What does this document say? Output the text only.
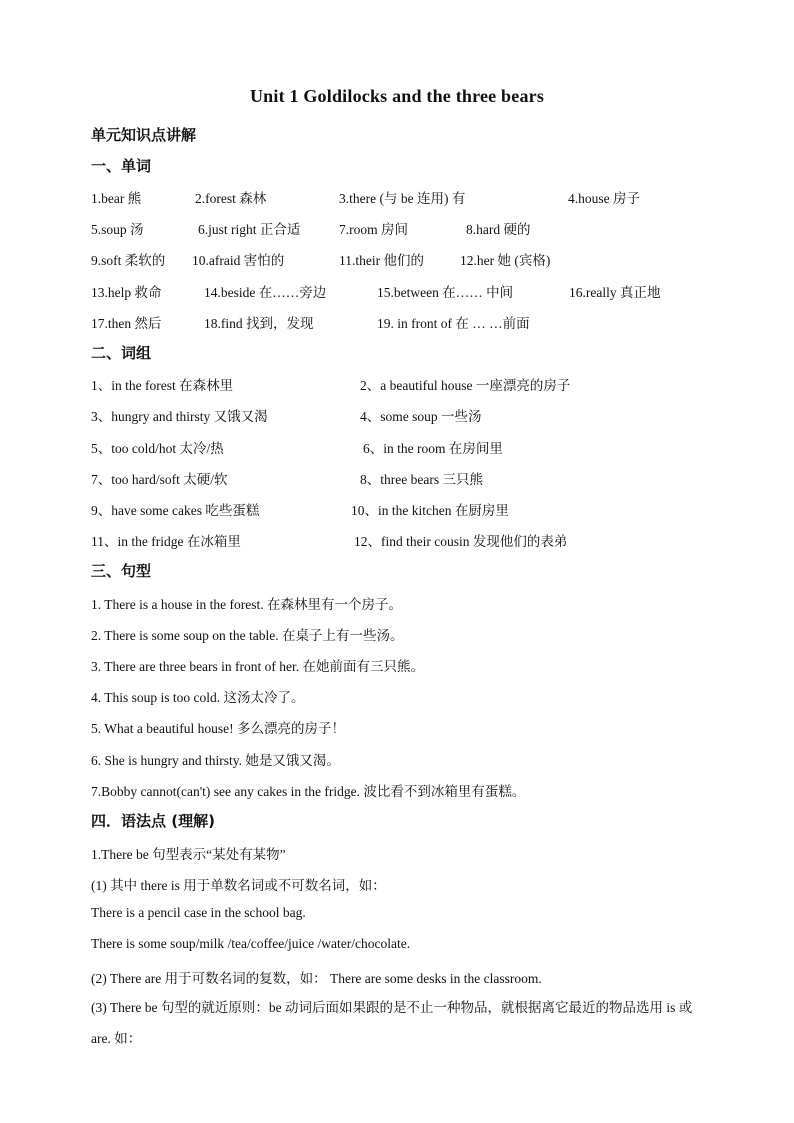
Unit 1 Goldilocks and the three bears
单元知识点讲解
一、单词
1.bear 熊	2.forest 森林	3.there (与 be 连用) 有	4.house 房子
5.soup 汤	6.just right 正合适	7.room 房间	8.hard 硬的
9.soft 柔软的 10.afraid 害怕的	11.their 他们的	12.her 她 (宾格)
13.help 救命	14.beside 在……旁边	15.between 在…… 中间	16.really 真正地
17.then 然后	18.find 找到，发现	19. in front of 在 … …前面
二、词组
1、in the forest 在森林里	2、a beautiful house 一座漂亮的房子
3、hungry and thirsty 又饿又渴	4、some soup 一些汤
5、too cold/hot 太冷/热	6、in the room 在房间里
7、too hard/soft 太硬/软	8、three bears 三只熊
9、have some cakes 吃些蛋糕	10、in the kitchen 在厨房里
11、in the fridge 在冰箱里	12、find their cousin 发现他们的表弟
三、句型
1. There is a house in the forest. 在森林里有一个房子。
2. There is some soup on the table. 在桌子上有一些汤。
3. There are three bears in front of her. 在她前面有三只熊。
4. This soup is too cold. 这汤太冷了。
5. What a beautiful house! 多么漂亮的房子！
6. She is hungry and thirsty. 她是又饿又渴。
7.Bobby cannot(can't) see any cakes in the fridge. 波比看不到冰箱里有蛋糕。
四．语法点 (理解)
1.There be 句型表示“某处有某物”
(1) 其中 there is 用于单数名词或不可数名词，如：
There is a pencil case in the school bag.
There is some soup/milk /tea/coffee/juice /water/chocolate.
(2) There are 用于可数名词的复数，如： There are some desks in the classroom.
(3) There be 句型的就近原则：be 动词后面如果跟的是不止一种物品，就根据离它最近的物品选用 is 或 are. 如：
